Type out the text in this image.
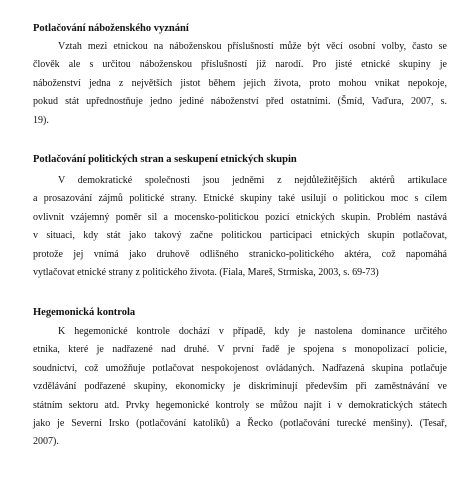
Potlačování náboženského vyznání
Vztah mezi etnickou na náboženskou příslušností může být věcí osobní volby, často se
člověk ale s určitou náboženskou příslušností již narodí. Pro jisté etnické skupiny je
náboženství jedna z největších jistot během jejich života, proto mohou vnikat nepokoje,
pokud stát upřednostňuje jedno jediné náboženství před ostatními. (Šmíd, Vaďura, 2007, s.
19).
Potlačování politických stran a seskupení etnických skupin
V demokratické společnosti jsou jedněmi z nejdůležitějších aktérů artikulace
a prosazování zájmů politické strany. Etnické skupiny také usilují o politickou moc s cílem
ovlivnit vzájemný poměr sil a mocensko-politickou pozicí etnických skupin. Problém nastává
v situaci, kdy stát jako takový začne politickou participaci etnických skupin potlačovat,
protože jej vnímá jako druhově odlišného stranicko-politického aktéra, což napomáhá
vytlačovat etnické strany z politického života. (Fiala, Mareš, Strmiska, 2003, s. 69-73)
Hegemonická kontrola
K hegemonické kontrole dochází v případě, kdy je nastolena dominance určitého
etnika, které je nadřazené nad druhé. V první řadě je spojena s monopolizací policie,
soudnictví, což umožňuje potlačovat nespokojenost ovládaných. Nadřazená skupina potlačuje
vzdělávání podřazené skupiny, ekonomicky je diskriminují především při zaměstnávání ve
státním sektoru atd. Prvky hegemonické kontroly se můžou najít i v demokratických státech
jako je Severní Irsko (potlačování katolíků) a Řecko (potlačování turecké menšiny). (Tesař,
2007).
